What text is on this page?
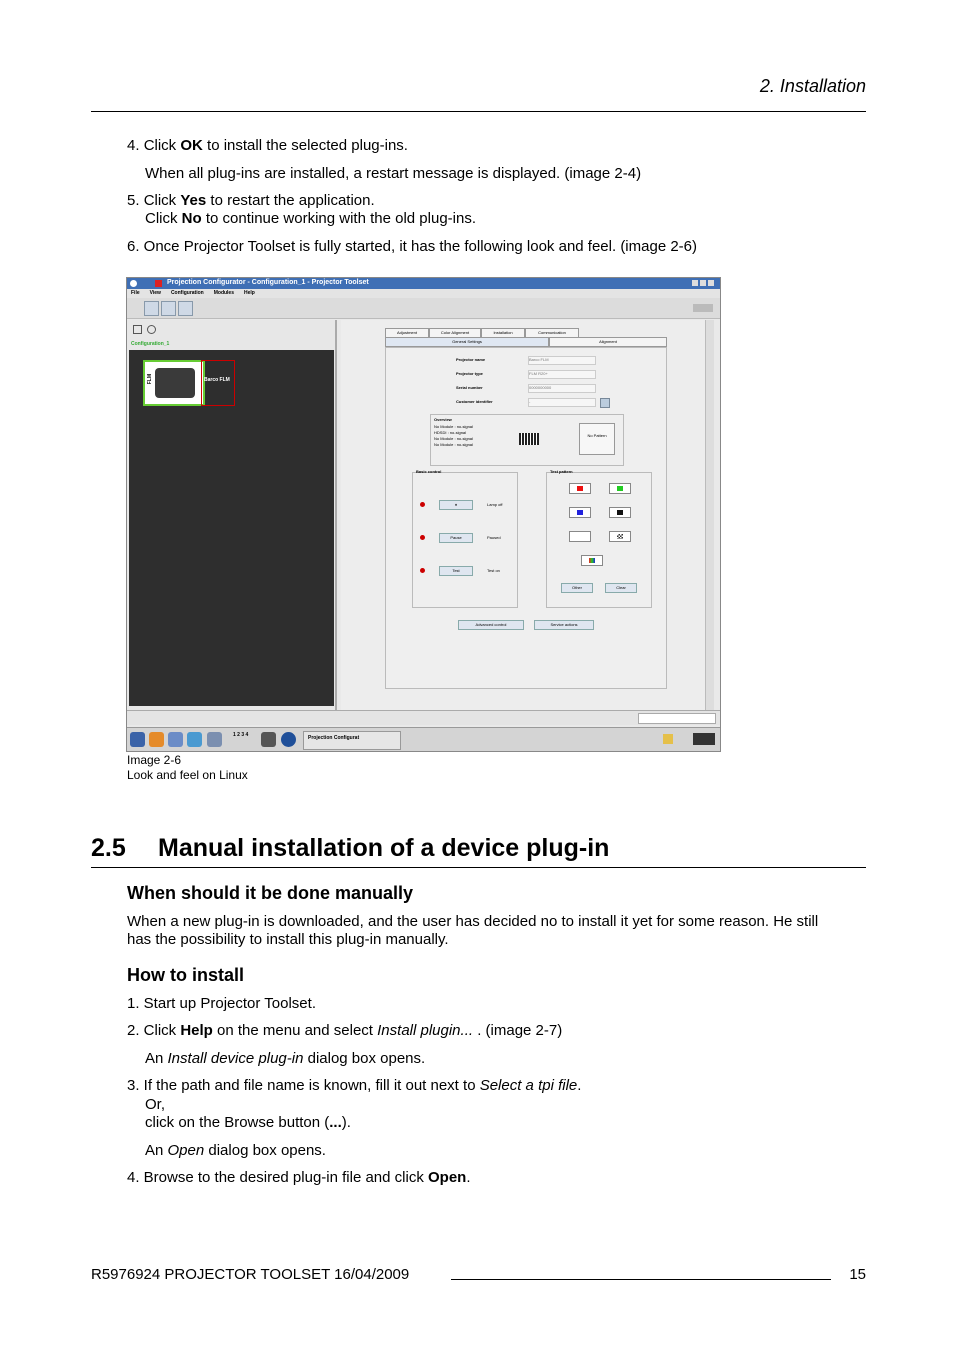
2. Installation
4. Click OK to install the selected plug-ins.
When all plug-ins are installed, a restart message is displayed. (image 2-4)
5. Click Yes to restart the application.
Click No to continue working with the old plug-ins.
6. Once Projector Toolset is fully started, it has the following look and feel. (image 2-6)
Projection Configurator - Configuration_1 - Projector Toolset
File View Configuration Modules Help
Configuration_1
FLM	Barco FLM
Adjustment	Color Alignment	Installation	Communication
General Settings	Alignment
Projector name	Barco FLM
Projector type	FLM R20+
Serial number	0000000000
Customer identifier	-
Overview
No Module : no-signal
HDSDI : no-signal
No Module : no-signal
No Module : no-signal
No Pattern
Basic control
♦	Lamp off
Pause	Paused
Test	Test on
Test pattern
Other	Clear
Advanced control	Service actions
1 2 3 4	Projection Configurat
Image 2-6
Look and feel on Linux
2.5 Manual installation of a device plug-in
When should it be done manually
When a new plug-in is downloaded, and the user has decided no to install it yet for some reason. He still
has the possibility to install this plug-in manually.
How to install
1. Start up Projector Toolset.
2. Click Help on the menu and select Install plugin... . (image 2-7)
An Install device plug-in dialog box opens.
3. If the path and file name is known, fill it out next to Select a tpi file.
Or,
click on the Browse button (...).
An Open dialog box opens.
4. Browse to the desired plug-in file and click Open.
R5976924 PROJECTOR TOOLSET 16/04/2009	15
